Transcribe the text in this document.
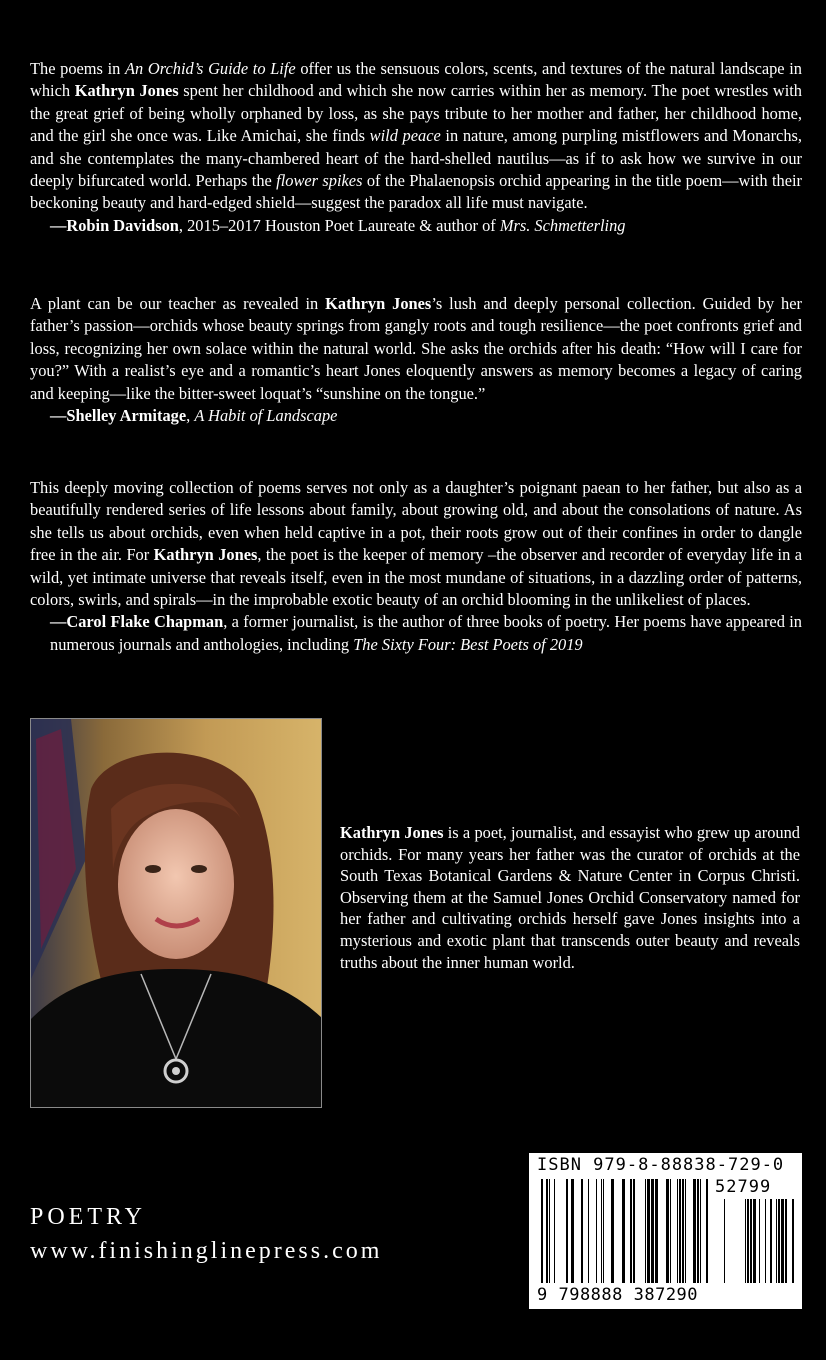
The poems in An Orchid’s Guide to Life offer us the sensuous colors, scents, and textures of the natural landscape in which Kathryn Jones spent her childhood and which she now carries within her as memory. The poet wrestles with the great grief of being wholly orphaned by loss, as she pays tribute to her mother and father, her childhood home, and the girl she once was. Like Amichai, she finds wild peace in nature, among purpling mistflowers and Monarchs, and she contemplates the many-chambered heart of the hard-shelled nautilus—as if to ask how we survive in our deeply bifurcated world. Perhaps the flower spikes of the Phalaenopsis orchid appearing in the title poem—with their beckoning beauty and hard-edged shield—suggest the paradox all life must navigate.

—Robin Davidson, 2015–2017 Houston Poet Laureate & author of Mrs. Schmetterling

A plant can be our teacher as revealed in Kathryn Jones’s lush and deeply personal collection. Guided by her father’s passion—orchids whose beauty springs from gangly roots and tough resilience—the poet confronts grief and loss, recognizing her own solace within the natural world. She asks the orchids after his death: “How will I care for you?” With a realist’s eye and a romantic’s heart Jones eloquently answers as memory becomes a legacy of caring and keeping—like the bitter-sweet loquat’s “sunshine on the tongue.”

—Shelley Armitage, A Habit of Landscape

This deeply moving collection of poems serves not only as a daughter’s poignant paean to her father, but also as a beautifully rendered series of life lessons about family, about growing old, and about the consolations of nature. As she tells us about orchids, even when held captive in a pot, their roots grow out of their confines in order to dangle free in the air. For Kathryn Jones, the poet is the keeper of memory –the observer and recorder of everyday life in a wild, yet intimate universe that reveals itself, even in the most mundane of situations, in a dazzling order of patterns, colors, swirls, and spirals—in the improbable exotic beauty of an orchid blooming in the unlikeliest of places.

—Carol Flake Chapman, a former journalist, is the author of three books of poetry. Her poems have appeared in numerous journals and anthologies, including The Sixty Four: Best Poets of 2019

Kathryn Jones is a poet, journalist, and essayist who grew up around orchids. For many years her father was the curator of orchids at the South Texas Botanical Gardens & Nature Center in Corpus Christi. Observing them at the Samuel Jones Orchid Conservatory named for her father and cultivating orchids herself gave Jones insights into a mysterious and exotic plant that transcends outer beauty and reveals truths about the inner human world.

POETRY

www.finishinglinepress.com

ISBN 979-8-88838-729-0
52799
9 798888 387290
